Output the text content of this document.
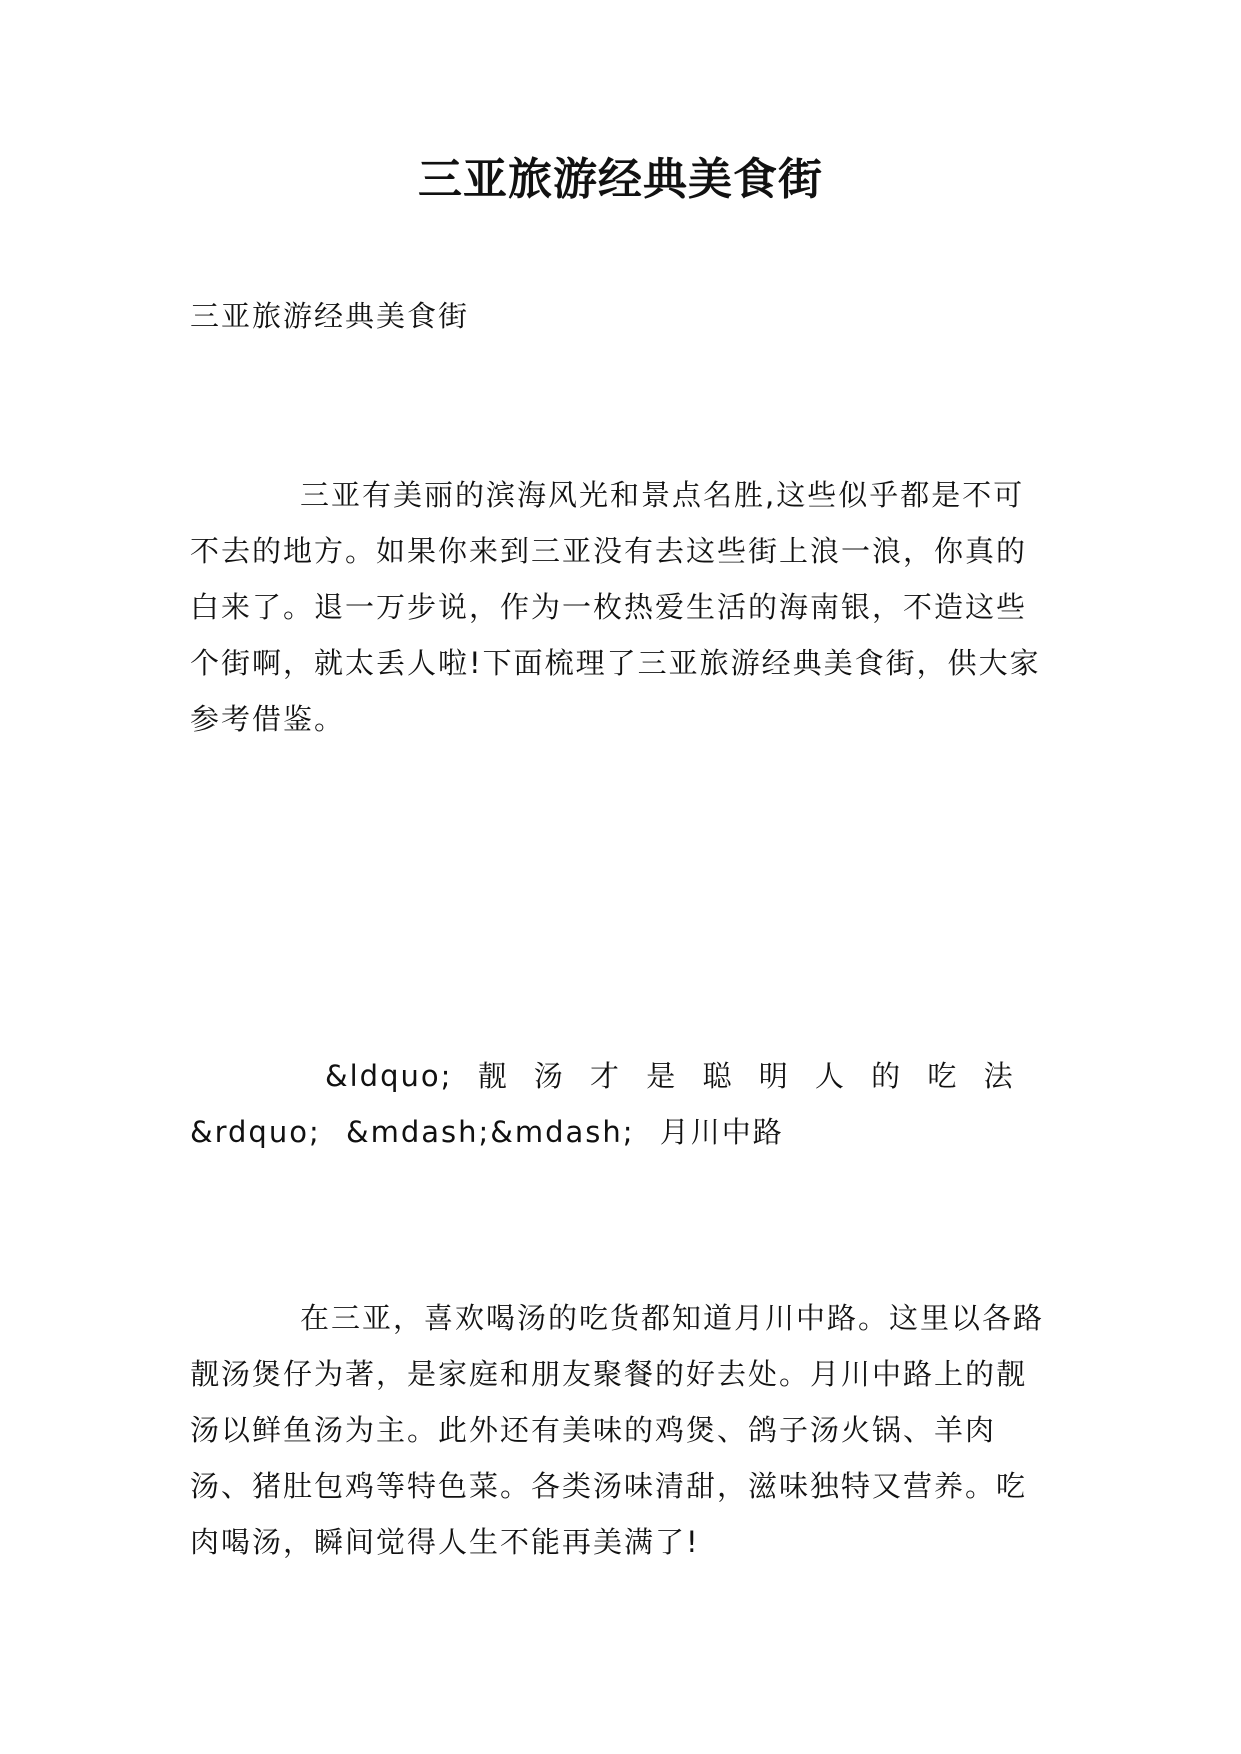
三亚旅游经典美食街
三亚旅游经典美食街

三亚有美丽的滨海风光和景点名胜,这些似乎都是不可不去的地方。如果你来到三亚没有去这些街上浪一浪，你真的白来了。退一万步说，作为一枚热爱生活的海南银，不造这些个街啊，就太丢人啦!下面梳理了三亚旅游经典美食街，供大家参考借鉴。

&ldquo; 靓 汤 才 是 聪 明 人 的 吃 法 &rdquo; &mdash;&mdash; 月川中路

在三亚，喜欢喝汤的吃货都知道月川中路。这里以各路靓汤煲仔为著，是家庭和朋友聚餐的好去处。月川中路上的靓汤以鲜鱼汤为主。此外还有美味的鸡煲、鸽子汤火锅、羊肉汤、猪肚包鸡等特色菜。各类汤味清甜，滋味独特又营养。吃肉喝汤，瞬间觉得人生不能再美满了!
